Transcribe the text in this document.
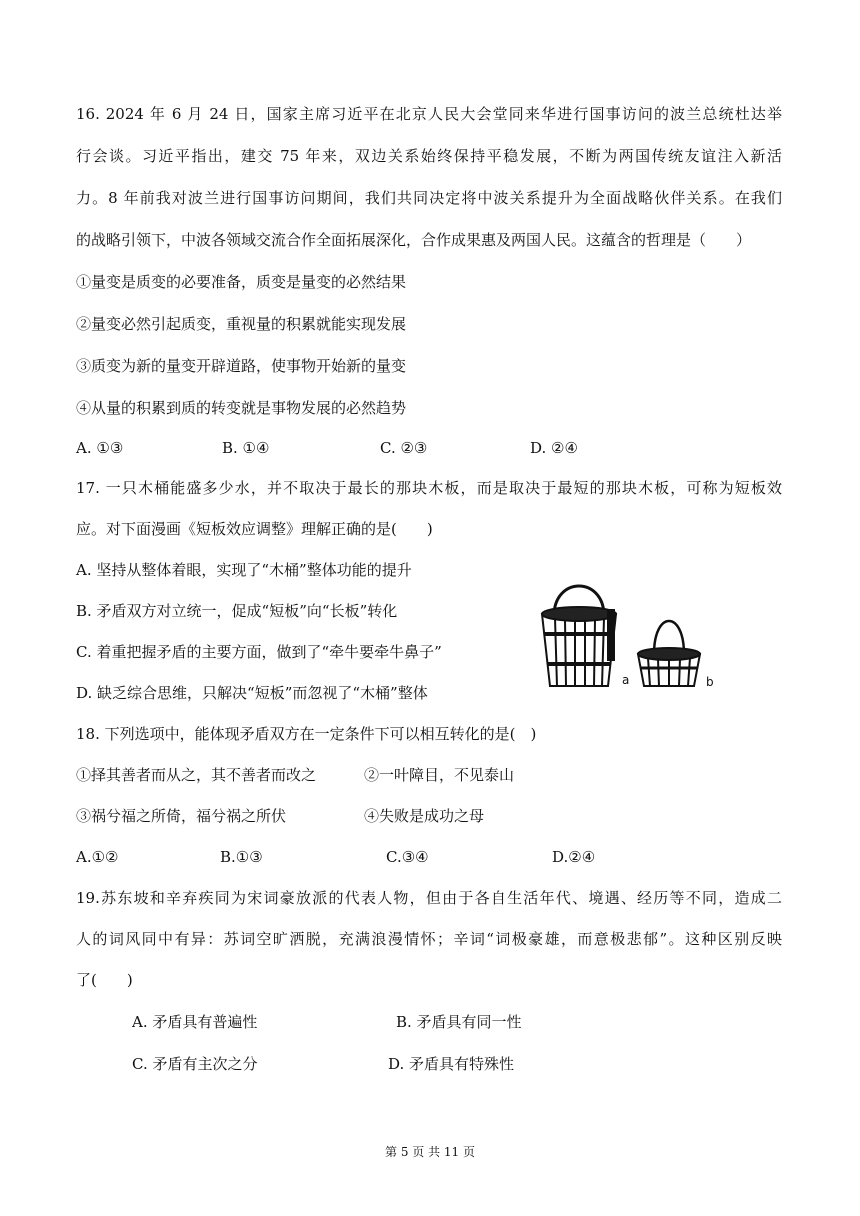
16. 2024 年 6 月 24 日，国家主席习近平在北京人民大会堂同来华进行国事访问的波兰总统杜达举
行会谈。习近平指出，建交 75 年来，双边关系始终保持平稳发展，不断为两国传统友谊注入新活
力。8 年前我对波兰进行国事访问期间，我们共同决定将中波关系提升为全面战略伙伴关系。在我们
的战略引领下，中波各领域交流合作全面拓展深化，合作成果惠及两国人民。这蕴含的哲理是（　　）
①量变是质变的必要准备，质变是量变的必然结果
②量变必然引起质变，重视量的积累就能实现发展
③质变为新的量变开辟道路，使事物开始新的量变
④从量的积累到质的转变就是事物发展的必然趋势
A. ①③	B. ①④	C. ②③	D. ②④
17. 一只木桶能盛多少水，并不取决于最长的那块木板，而是取决于最短的那块木板，可称为短板效
应。对下面漫画《短板效应调整》理解正确的是(　　)
A. 坚持从整体着眼，实现了“木桶”整体功能的提升
B. 矛盾双方对立统一，促成“短板”向“长板”转化
C. 着重把握矛盾的主要方面，做到了“牵牛要牵牛鼻子”
D. 缺乏综合思维，只解决“短板”而忽视了“木桶”整体
a	b
18. 下列选项中，能体现矛盾双方在一定条件下可以相互转化的是(　)
①择其善者而从之，其不善者而改之	②一叶障目，不见泰山
③祸兮福之所倚，福兮祸之所伏	④失败是成功之母
A.①②	B.①③	C.③④	D.②④
19.苏东坡和辛弃疾同为宋词豪放派的代表人物，但由于各自生活年代、境遇、经历等不同，造成二
人的词风同中有异：苏词空旷洒脱，充满浪漫情怀；辛词“词极豪雄，而意极悲郁”。这种区别反映
了(　　)
A. 矛盾具有普遍性	B. 矛盾具有同一性
C. 矛盾有主次之分	D. 矛盾具有特殊性
第 5 页 共 11 页
